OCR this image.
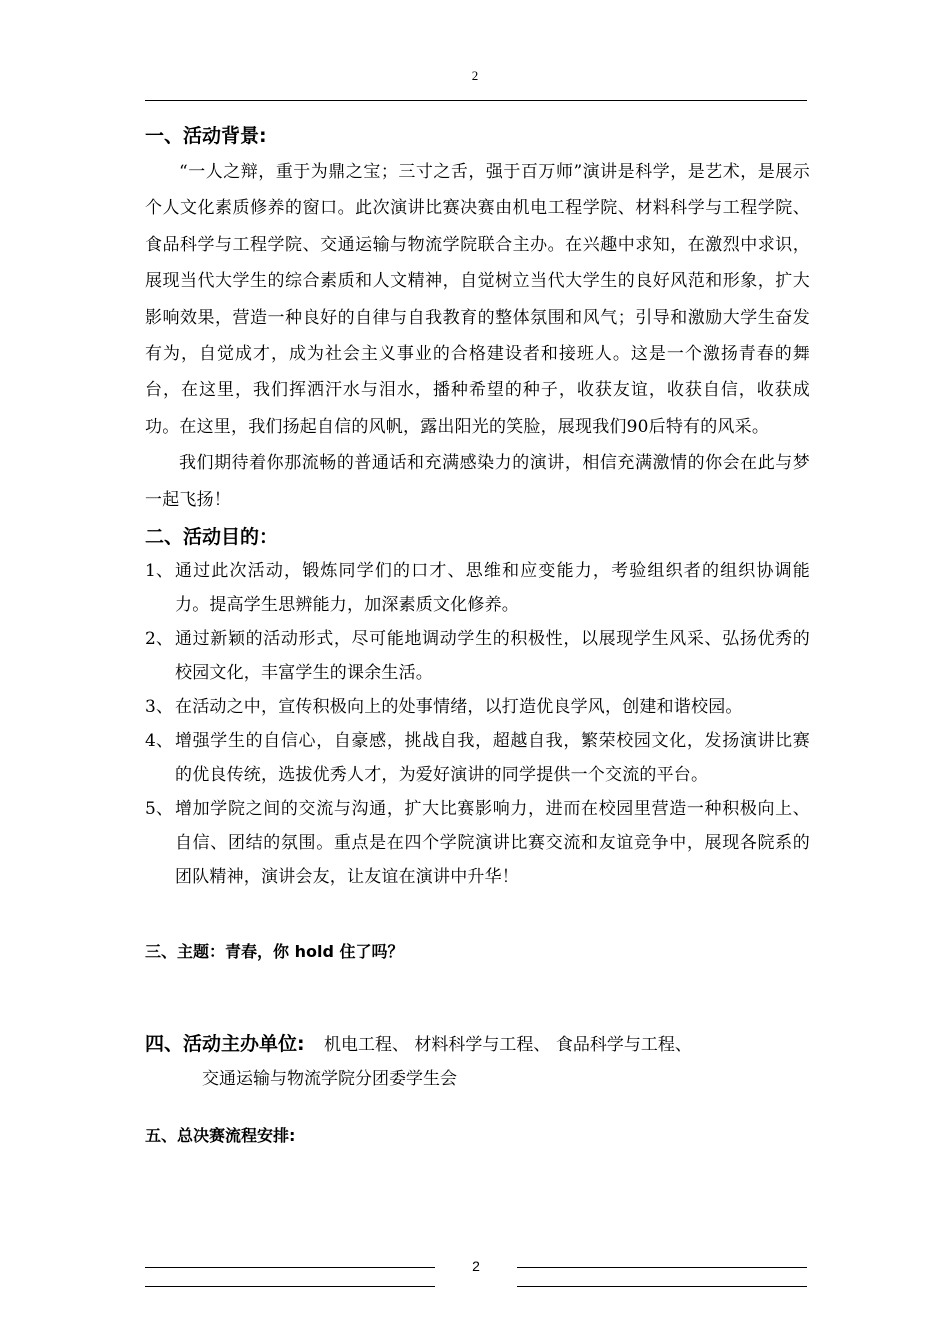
2

一、活动背景:

“一人之辩，重于为鼎之宝；三寸之舌，强于百万师”演讲是科学，是艺术，是展示个人文化素质修养的窗口。此次演讲比赛决赛由机电工程学院、材料科学与工程学院、食品科学与工程学院、交通运输与物流学院联合主办。在兴趣中求知，在激烈中求识，展现当代大学生的综合素质和人文精神，自觉树立当代大学生的良好风范和形象，扩大影响效果，营造一种良好的自律与自我教育的整体氛围和风气；引导和激励大学生奋发有为，自觉成才，成为社会主义事业的合格建设者和接班人。这是一个激扬青春的舞台，在这里，我们挥洒汗水与泪水，播种希望的种子，收获友谊，收获自信，收获成功。在这里，我们扬起自信的风帆，露出阳光的笑脸，展现我们90后特有的风采。

我们期待着你那流畅的普通话和充满感染力的演讲，相信充满激情的你会在此与梦一起飞扬！

二、活动目的：

1、 通过此次活动，锻炼同学们的口才、思维和应变能力，考验组织者的组织协调能力。提高学生思辨能力，加深素质文化修养。
2、 通过新颖的活动形式，尽可能地调动学生的积极性，以展现学生风采、弘扬优秀的校园文化，丰富学生的课余生活。
3、 在活动之中，宣传积极向上的处事情绪，以打造优良学风，创建和谐校园。
4、 增强学生的自信心，自豪感，挑战自我，超越自我，繁荣校园文化，发扬演讲比赛的优良传统，选拔优秀人才，为爱好演讲的同学提供一个交流的平台。
5、 增加学院之间的交流与沟通，扩大比赛影响力，进而在校园里营造一种积极向上、自信、团结的氛围。重点是在四个学院演讲比赛交流和友谊竞争中，展现各院系的团队精神，演讲会友，让友谊在演讲中升华！

三、主题：青春，你 hold 住了吗？

四、活动主办单位: 机电工程、 材料科学与工程、 食品科学与工程、
交通运输与物流学院分团委学生会

五、总决赛流程安排:

2
